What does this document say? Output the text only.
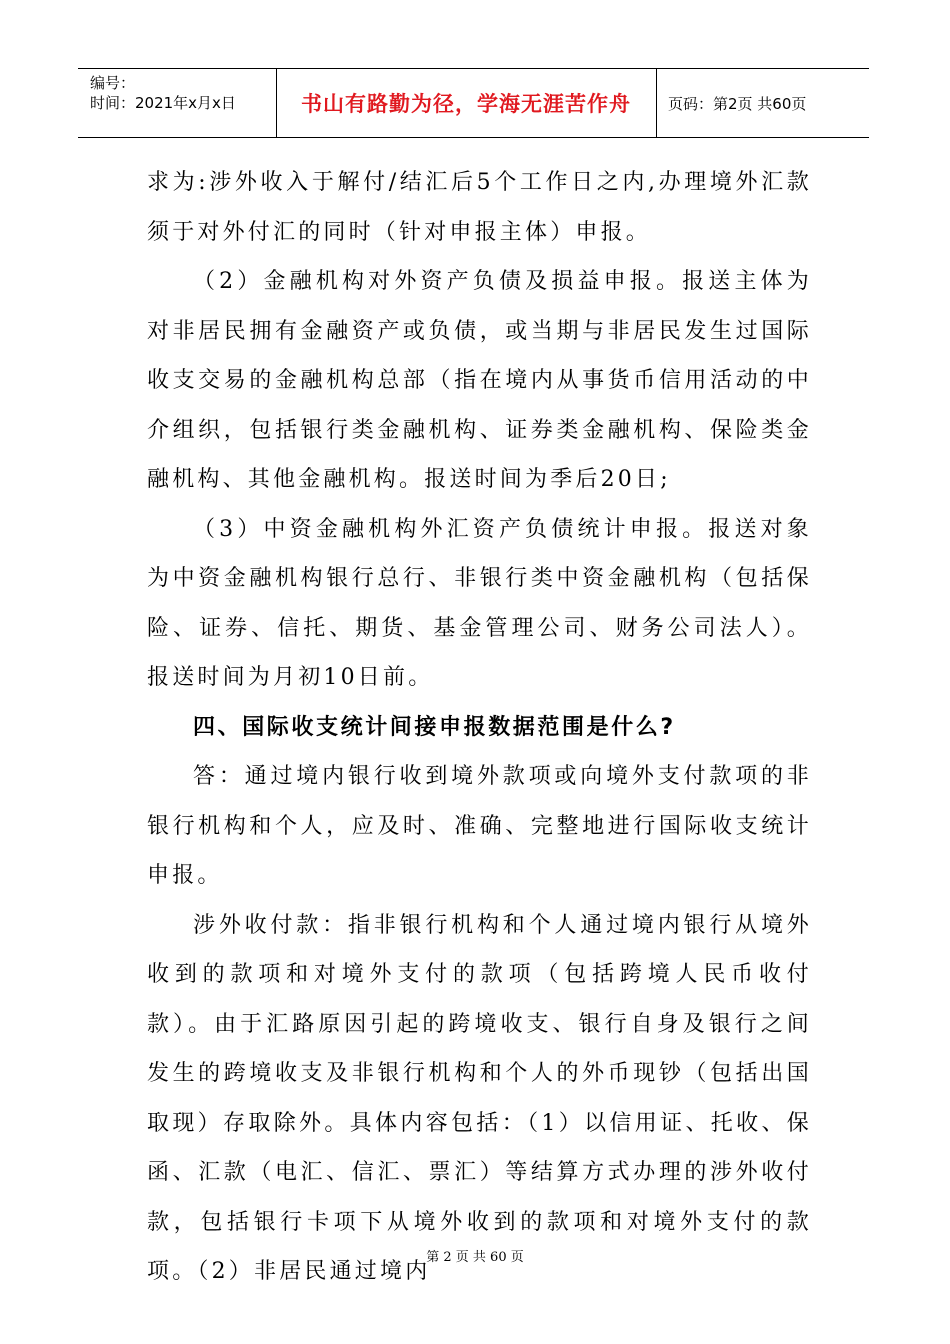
编号：
时间：2021年x月x日	书山有路勤为径，学海无涯苦作舟	页码：第2页 共60页

求为:涉外收入于解付/结汇后5个工作日之内,办理境外汇款须于对外付汇的同时（针对申报主体）申报。

（2）金融机构对外资产负债及损益申报。报送主体为对非居民拥有金融资产或负债，或当期与非居民发生过国际收支交易的金融机构总部（指在境内从事货币信用活动的中介组织，包括银行类金融机构、证券类金融机构、保险类金融机构、其他金融机构。报送时间为季后20日;

（3）中资金融机构外汇资产负债统计申报。报送对象为中资金融机构银行总行、非银行类中资金融机构（包括保险、证券、信托、期货、基金管理公司、财务公司法人）。报送时间为月初10日前。

四、国际收支统计间接申报数据范围是什么?

答：通过境内银行收到境外款项或向境外支付款项的非银行机构和个人，应及时、准确、完整地进行国际收支统计申报。

涉外收付款：指非银行机构和个人通过境内银行从境外收到的款项和对境外支付的款项（包括跨境人民币收付款）。由于汇路原因引起的跨境收支、银行自身及银行之间发生的跨境收支及非银行机构和个人的外币现钞（包括出国取现）存取除外。具体内容包括：（1）以信用证、托收、保函、汇款（电汇、信汇、票汇）等结算方式办理的涉外收付款，包括银行卡项下从境外收到的款项和对境外支付的款项。（2）非居民通过境内

第 2 页 共 60 页
